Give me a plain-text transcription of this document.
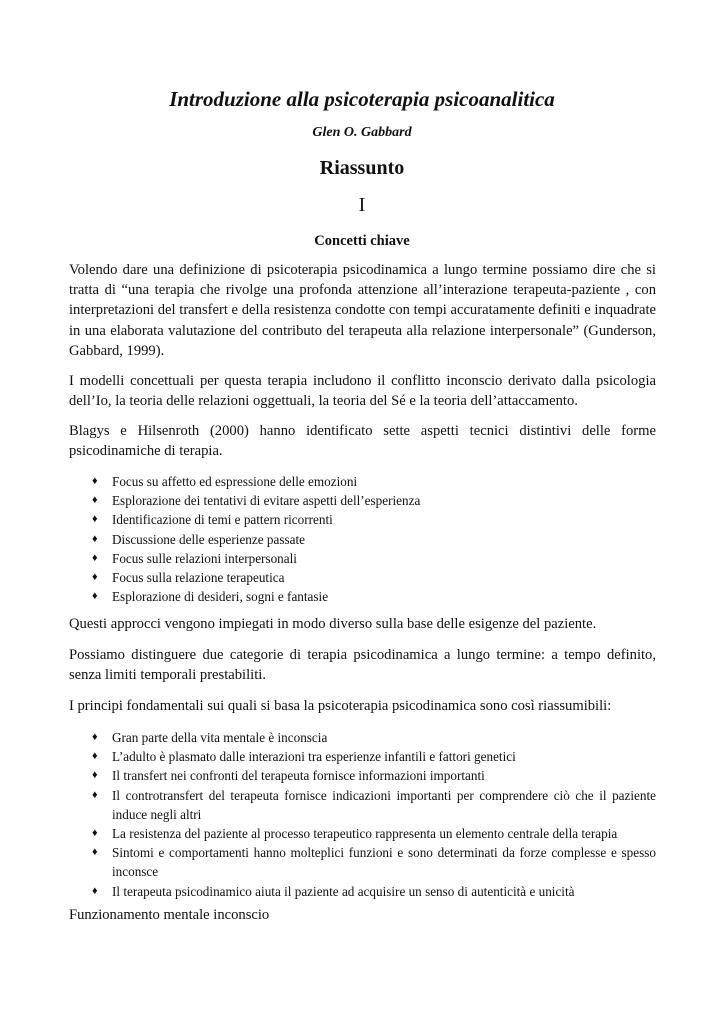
Introduzione alla psicoterapia psicoanalitica
Glen O. Gabbard
Riassunto
I
Concetti chiave

Volendo dare una definizione di psicoterapia psicodinamica a lungo termine possiamo dire che si tratta di “una terapia che rivolge una profonda attenzione all’interazione terapeuta-paziente , con interpretazioni del transfert e della resistenza condotte con tempi accuratamente definiti e inquadrate in una elaborata valutazione del contributo del terapeuta alla relazione interpersonale” (Gunderson, Gabbard, 1999).

I modelli concettuali per questa terapia includono il conflitto inconscio derivato dalla psicologia dell’Io, la teoria delle relazioni oggettuali, la teoria del Sé e la teoria dell’attaccamento.

Blagys e Hilsenroth (2000) hanno identificato sette aspetti tecnici distintivi delle forme psicodinamiche di terapia.

♦ Focus su affetto ed espressione delle emozioni
♦ Esplorazione dei tentativi di evitare aspetti dell’esperienza
♦ Identificazione di temi e pattern ricorrenti
♦ Discussione delle esperienze passate
♦ Focus sulle relazioni interpersonali
♦ Focus sulla relazione terapeutica
♦ Esplorazione di desideri, sogni e fantasie

Questi approcci vengono impiegati in modo diverso sulla base delle esigenze del paziente.

Possiamo distinguere due categorie di terapia psicodinamica a lungo termine: a tempo definito, senza limiti temporali prestabiliti.

I principi fondamentali sui quali si basa la psicoterapia psicodinamica sono così riassumibili:

♦ Gran parte della vita mentale è inconscia
♦ L’adulto è plasmato dalle interazioni tra esperienze infantili e fattori genetici
♦ Il transfert nei confronti del terapeuta fornisce informazioni importanti
♦ Il controtransfert del terapeuta fornisce indicazioni importanti per comprendere ciò che il paziente induce negli altri
♦ La resistenza del paziente al processo terapeutico rappresenta un elemento centrale della terapia
♦ Sintomi e comportamenti hanno molteplici funzioni e sono determinati da forze complesse e spesso inconsce
♦ Il terapeuta psicodinamico aiuta il paziente ad acquisire un senso di autenticità e unicità

Funzionamento mentale inconscio
